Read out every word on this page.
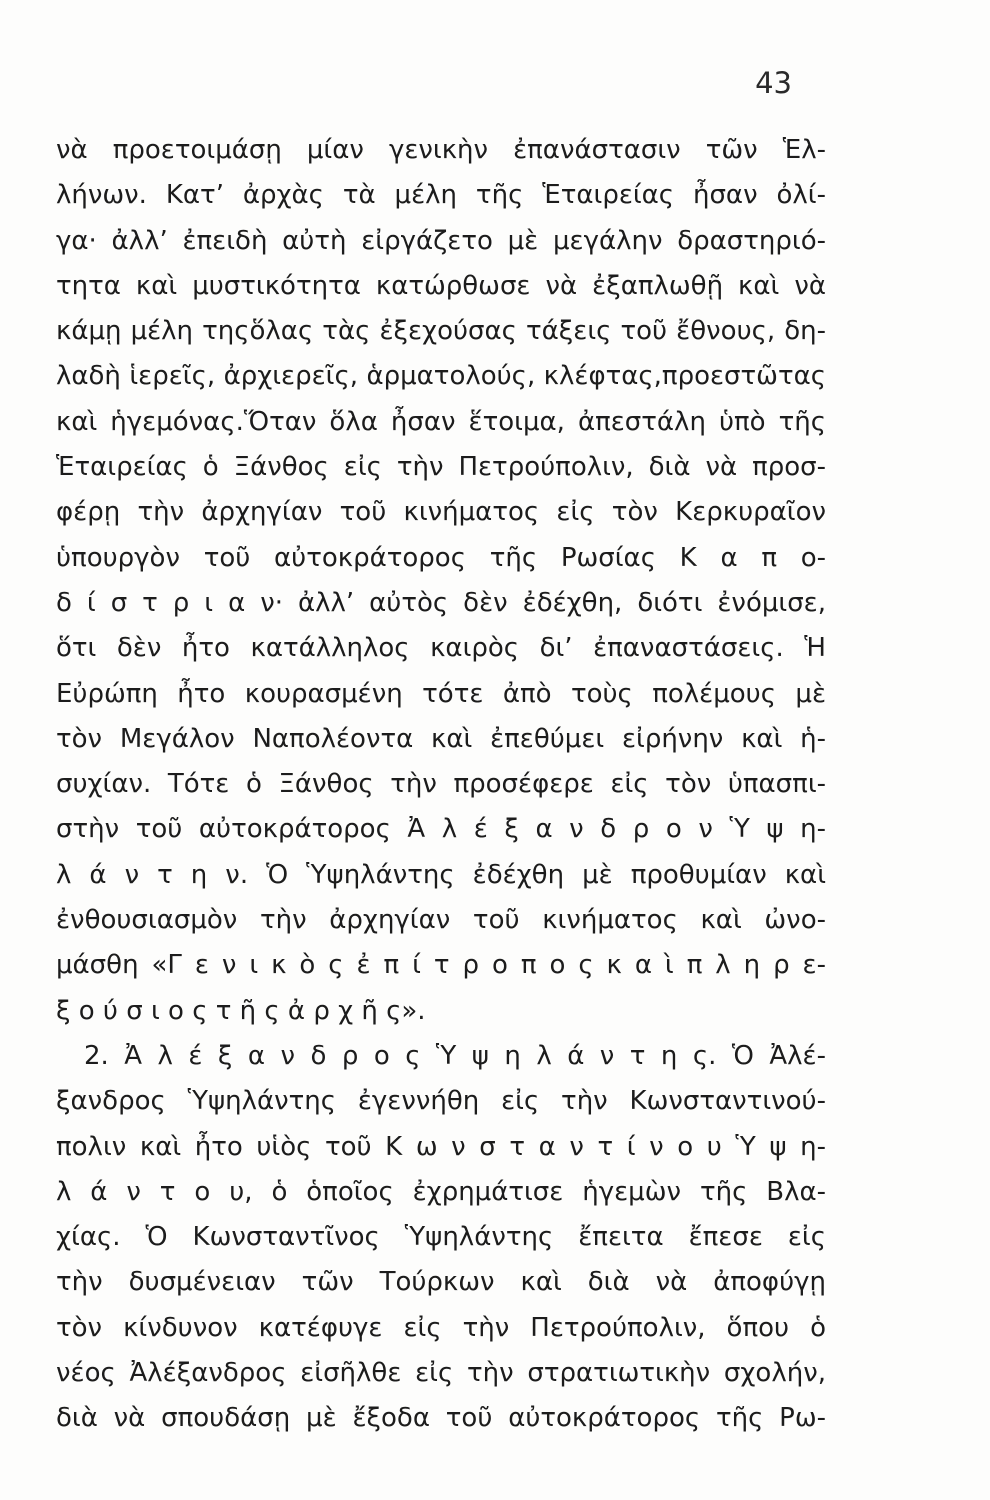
43
νὰ προετοιμάσῃ μίαν γενικὴν ἐπανάστασιν τῶν Ἑλ-
λήνων. Κατ’ ἀρχὰς τὰ μέλη τῆς Ἑταιρείας ἦσαν ὀλί-
γα· ἀλλ’ ἐπειδὴ αὐτὴ εἰργάζετο μὲ μεγάλην δραστηριό-
τητα καὶ μυστικότητα κατώρθωσε νὰ ἐξαπλωθῇ καὶ νὰ
κάμῃ μέλη τηςὅλας τὰς ἐξεχούσας τάξεις τοῦ ἔθνους, δη-
λαδὴ ἱερεῖς, ἀρχιερεῖς, ἁρματολούς, κλέφτας,προεστῶτας
καὶ ἡγεμόνας.Ὅταν ὅλα ἦσαν ἕτοιμα, ἀπεστάλη ὑπὸ τῆς
Ἑταιρείας ὁ Ξάνθος εἰς τὴν Πετρούπολιν, διὰ νὰ προσ-
φέρῃ τὴν ἀρχηγίαν τοῦ κινήματος εἰς τὸν Κερκυραῖον
ὑπουργὸν τοῦ αὐτοκράτορος τῆς Ρωσίας Κ α π ο-
δ ί σ τ ρ ι α ν· ἀλλ’ αὐτὸς δὲν ἐδέχθη, διότι ἐνόμισε,
ὅτι δὲν ἦτο κατάλληλος καιρὸς δι’ ἐπαναστάσεις. Ἡ
Εὐρώπη ἦτο κουρασμένη τότε ἀπὸ τοὺς πολέμους μὲ
τὸν Μεγάλον Ναπολέοντα καὶ ἐπεθύμει εἰρήνην καὶ ἡ-
συχίαν. Τότε ὁ Ξάνθος τὴν προσέφερε εἰς τὸν ὑπασπι-
στὴν τοῦ αὐτοκράτορος Ἀ λ έ ξ α ν δ ρ ο ν Ὑ ψ η-
λ ά ν τ η ν. Ὁ Ὑψηλάντης ἐδέχθη μὲ προθυμίαν καὶ
ἐνθουσιασμὸν τὴν ἀρχηγίαν τοῦ κινήματος καὶ ὠνο-
μάσθη «Γ ε ν ι κ ὸ ς ἐ π ί τ ρ ο π ο ς κ α ὶ π λ η ρ ε-
ξ ο ύ σ ι ο ς τ ῆ ς ἀ ρ χ ῆ ς».
2. Ἀ λ έ ξ α ν δ ρ ο ς Ὑ ψ η λ ά ν τ η ς. Ὁ Ἀλέ-
ξανδρος Ὑψηλάντης ἐγεννήθη εἰς τὴν Κωνσταντινού-
πολιν καὶ ἦτο υἱὸς τοῦ Κ ω ν σ τ α ν τ ί ν ο υ Ὑ ψ η-
λ ά ν τ ο υ, ὁ ὁποῖος ἐχρημάτισε ἡγεμὼν τῆς Βλα-
χίας. Ὁ Κωνσταντῖνος Ὑψηλάντης ἔπειτα ἔπεσε εἰς
τὴν δυσμένειαν τῶν Τούρκων καὶ διὰ νὰ ἀποφύγῃ
τὸν κίνδυνον κατέφυγε εἰς τὴν Πετρούπολιν, ὅπου ὁ
νέος Ἀλέξανδρος εἰσῆλθε εἰς τὴν στρατιωτικὴν σχολήν,
διὰ νὰ σπουδάσῃ μὲ ἔξοδα τοῦ αὐτοκράτορος τῆς Ρω-
